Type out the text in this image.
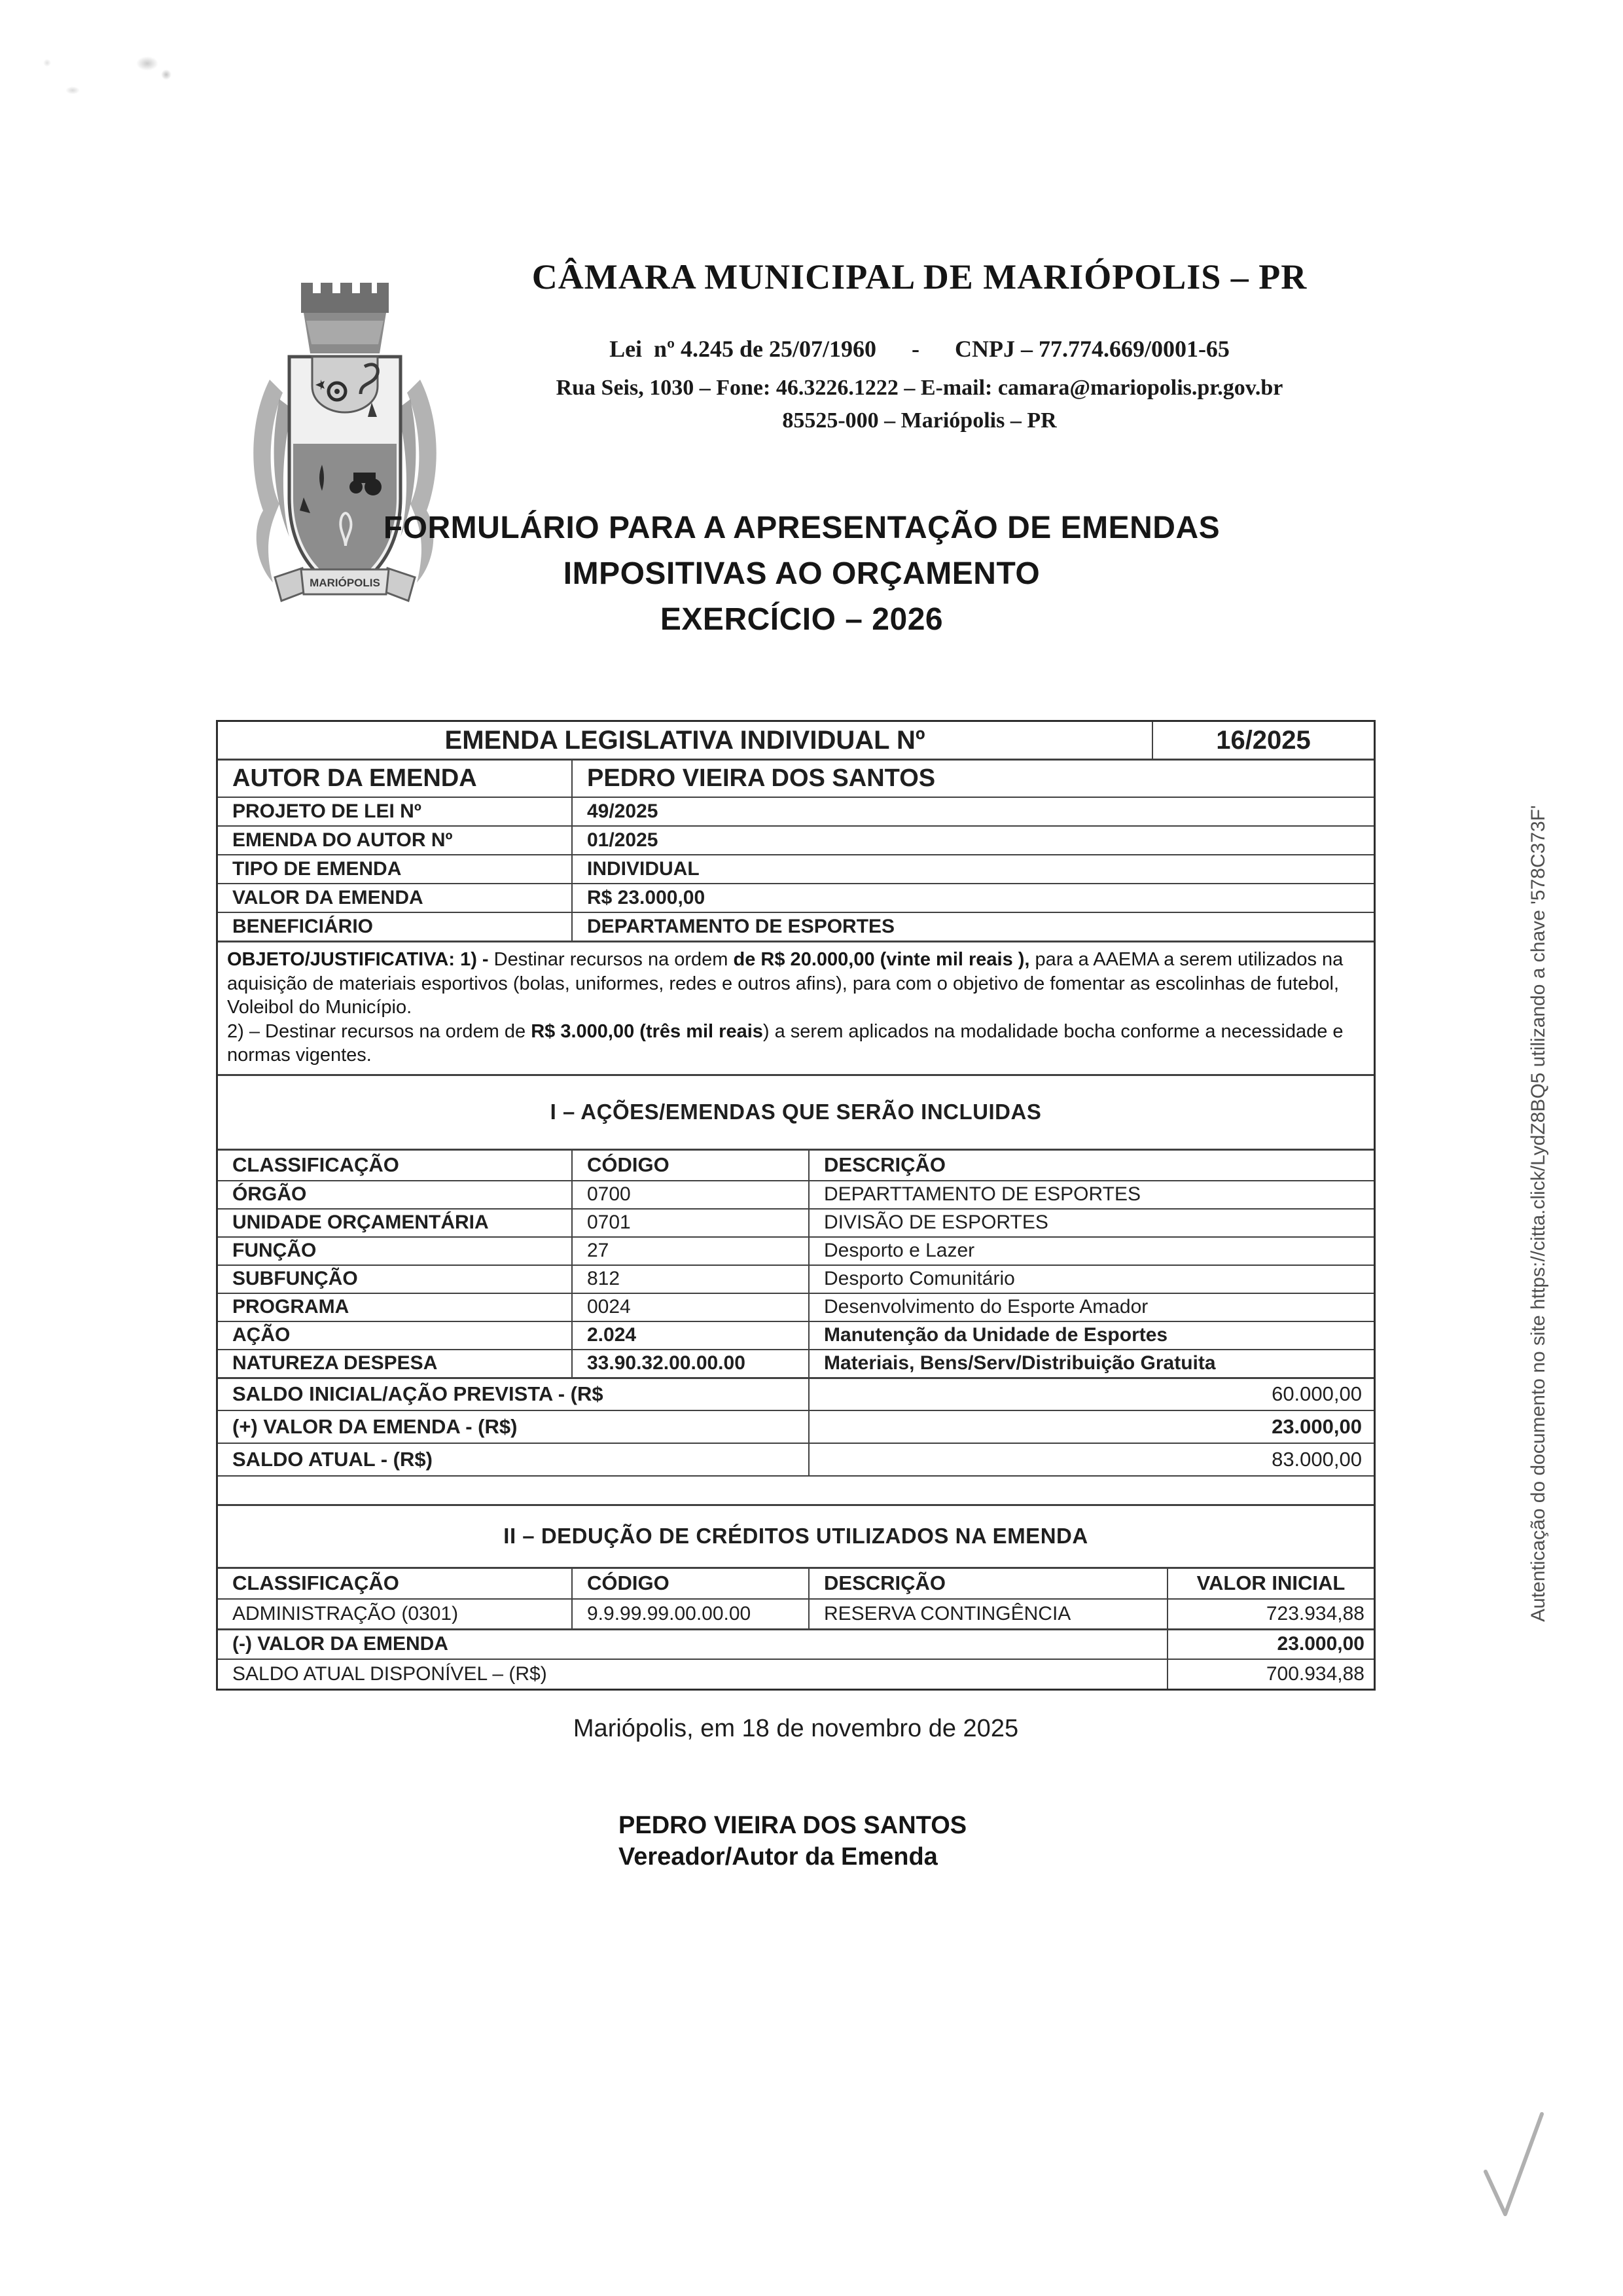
MARIÓPOLIS
CÂMARA MUNICIPAL DE MARIÓPOLIS – PR
Lei  nº 4.245 de 25/07/1960      -      CNPJ – 77.774.669/0001-65
Rua Seis, 1030 – Fone: 46.3226.1222 – E-mail: camara@mariopolis.pr.gov.br
85525-000 – Mariópolis – PR
FORMULÁRIO PARA A APRESENTAÇÃO DE EMENDAS
IMPOSITIVAS AO ORÇAMENTO
EXERCÍCIO – 2026
EMENDA LEGISLATIVA INDIVIDUAL Nº	16/2025
AUTOR DA EMENDA	PEDRO VIEIRA DOS SANTOS
PROJETO DE LEI Nº	49/2025
EMENDA DO AUTOR Nº	01/2025
TIPO DE EMENDA	INDIVIDUAL
VALOR DA EMENDA	R$ 23.000,00
BENEFICIÁRIO	DEPARTAMENTO DE ESPORTES
OBJETO/JUSTIFICATIVA: 1) - Destinar recursos na ordem de R$ 20.000,00 (vinte mil reais ), para a AAEMA a serem utilizados na aquisição de materiais esportivos (bolas, uniformes, redes e outros afins), para com o objetivo de fomentar as escolinhas de futebol, Voleibol do Município.
2) – Destinar recursos na ordem de R$ 3.000,00 (três mil reais) a serem aplicados na modalidade bocha conforme a necessidade e normas vigentes.
I – AÇÕES/EMENDAS QUE SERÃO INCLUIDAS
CLASSIFICAÇÃO	CÓDIGO	DESCRIÇÃO
ÓRGÃO	0700	DEPARTTAMENTO DE ESPORTES
UNIDADE ORÇAMENTÁRIA	0701	DIVISÃO DE ESPORTES
FUNÇÃO	27	Desporto e Lazer
SUBFUNÇÃO	812	Desporto Comunitário
PROGRAMA	0024	Desenvolvimento do Esporte Amador
AÇÃO	2.024	Manutenção da Unidade de Esportes
NATUREZA DESPESA	33.90.32.00.00.00	Materiais, Bens/Serv/Distribuição Gratuita
SALDO INICIAL/AÇÃO PREVISTA - (R$	60.000,00
(+) VALOR DA EMENDA - (R$)	23.000,00
SALDO ATUAL - (R$)	83.000,00
II – DEDUÇÃO DE CRÉDITOS UTILIZADOS NA EMENDA
CLASSIFICAÇÃO	CÓDIGO	DESCRIÇÃO	VALOR INICIAL
ADMINISTRAÇÃO (0301)	9.9.99.99.00.00.00	RESERVA CONTINGÊNCIA	723.934,88
(-) VALOR DA EMENDA	23.000,00
SALDO ATUAL DISPONÍVEL – (R$)	700.934,88
Mariópolis, em 18 de novembro de 2025
PEDRO VIEIRA DOS SANTOS
Vereador/Autor da Emenda
Autenticação do documento no site https://citta.click/LydZ8BQ5 utilizando a chave '578C373F'
